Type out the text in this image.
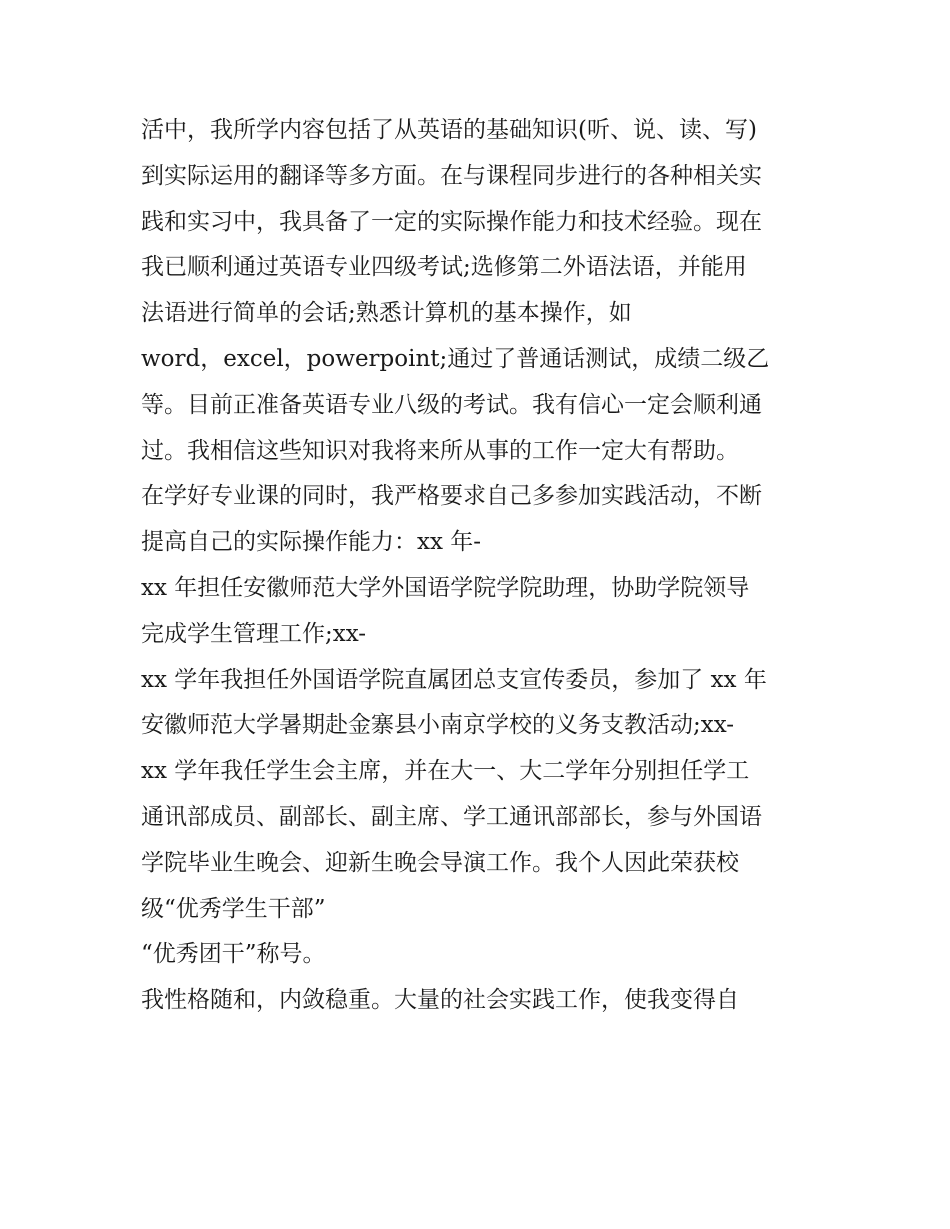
活中，我所学内容包括了从英语的基础知识(听、说、读、写)
到实际运用的翻译等多方面。在与课程同步进行的各种相关实
践和实习中，我具备了一定的实际操作能力和技术经验。现在
我已顺利通过英语专业四级考试;选修第二外语法语，并能用
法语进行简单的会话;熟悉计算机的基本操作，如
word，excel，powerpoint;通过了普通话测试，成绩二级乙
等。目前正准备英语专业八级的考试。我有信心一定会顺利通
过。我相信这些知识对我将来所从事的工作一定大有帮助。
在学好专业课的同时，我严格要求自己多参加实践活动，不断
提高自己的实际操作能力：xx 年-
xx 年担任安徽师范大学外国语学院学院助理，协助学院领导
完成学生管理工作;xx-
xx 学年我担任外国语学院直属团总支宣传委员，参加了 xx 年
安徽师范大学暑期赴金寨县小南京学校的义务支教活动;xx-
xx 学年我任学生会主席，并在大一、大二学年分别担任学工
通讯部成员、副部长、副主席、学工通讯部部长，参与外国语
学院毕业生晚会、迎新生晚会导演工作。我个人因此荣获校
级“优秀学生干部”
“优秀团干”称号。
我性格随和，内敛稳重。大量的社会实践工作，使我变得自
